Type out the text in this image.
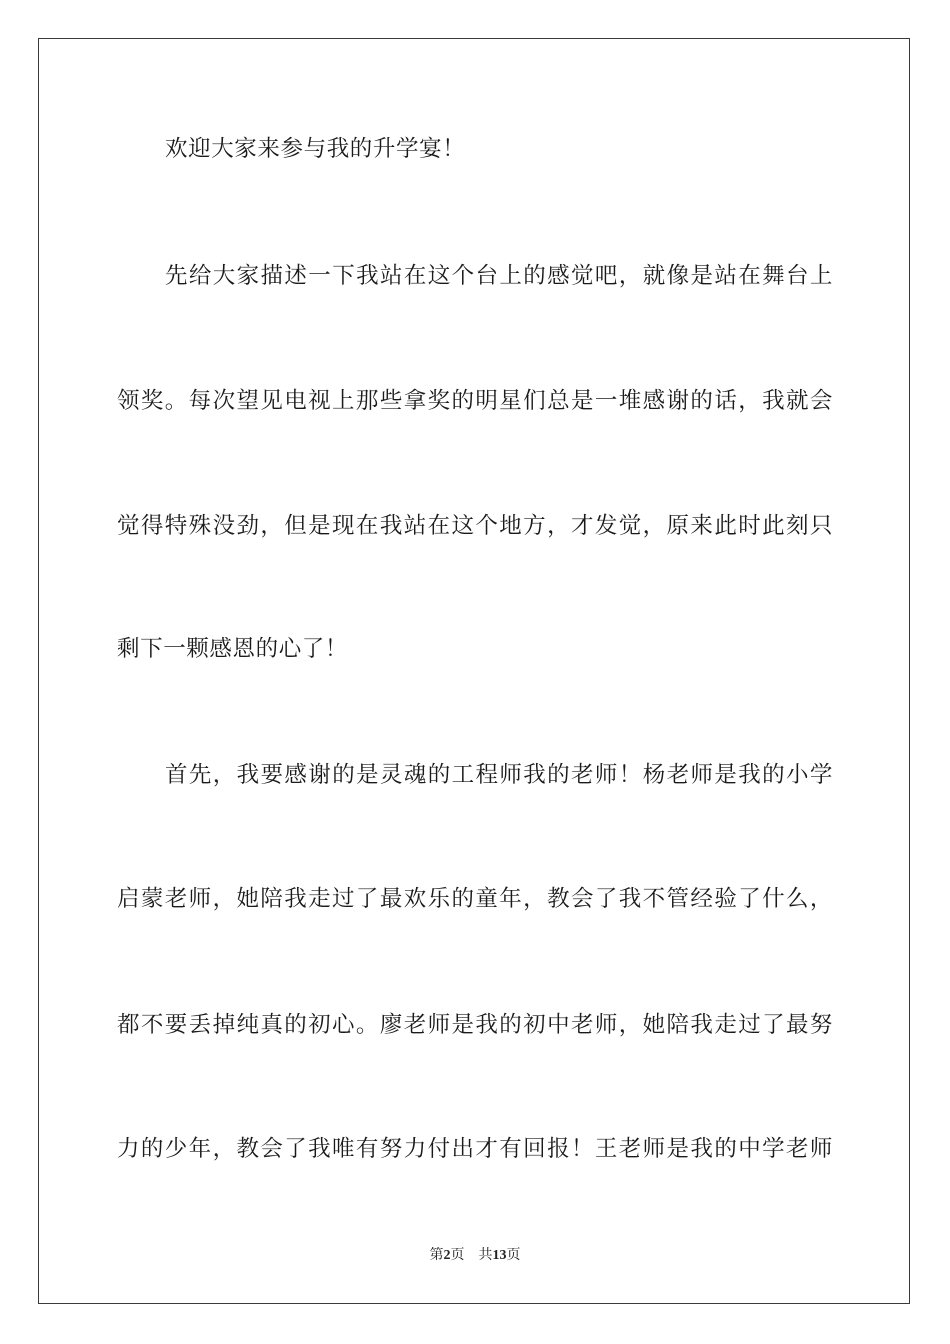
欢迎大家来参与我的升学宴！
先给大家描述一下我站在这个台上的感觉吧，就像是站在舞台上
领奖。每次望见电视上那些拿奖的明星们总是一堆感谢的话，我就会
觉得特殊没劲，但是现在我站在这个地方，才发觉，原来此时此刻只
剩下一颗感恩的心了！
首先，我要感谢的是灵魂的工程师我的老师！杨老师是我的小学
启蒙老师，她陪我走过了最欢乐的童年，教会了我不管经验了什么，
都不要丢掉纯真的初心。廖老师是我的初中老师，她陪我走过了最努
力的少年，教会了我唯有努力付出才有回报！王老师是我的中学老师
第2页 共13页
